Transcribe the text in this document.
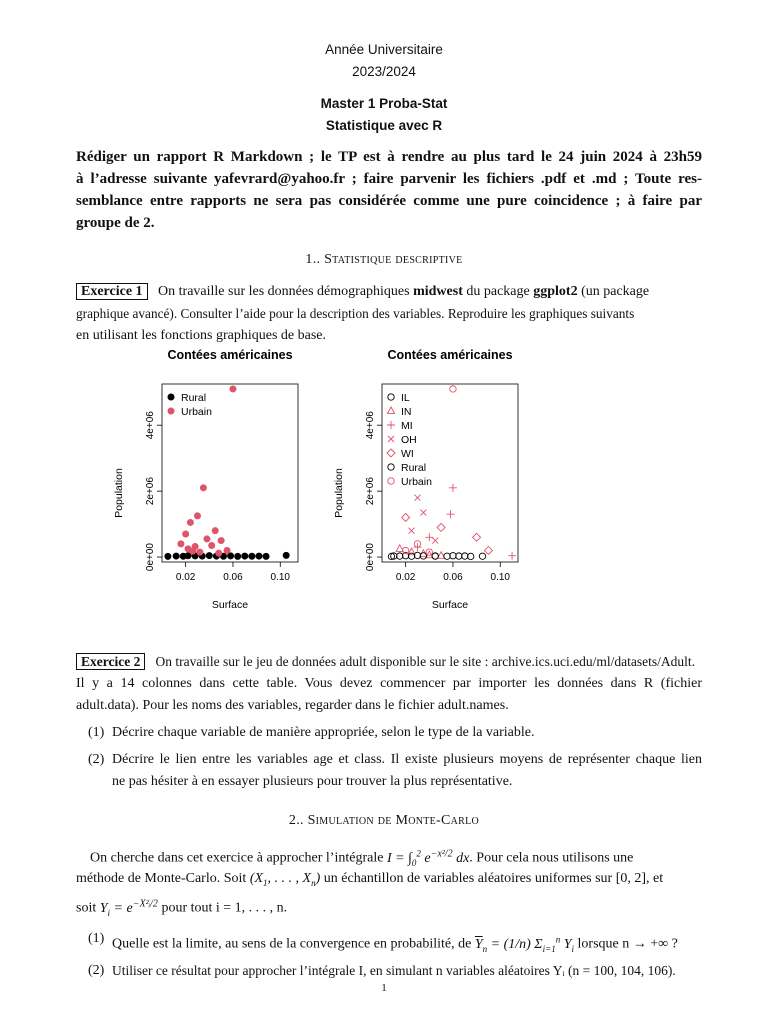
Année Universitaire
2023/2024
Master 1 Proba-Stat
Statistique avec R
Rédiger un rapport R Markdown ; le TP est à rendre au plus tard le 24 juin 2024 à 23h59
à l’adresse suivante yafevrard@yahoo.fr ; faire parvenir les fichiers .pdf et .md ; Toute res-
semblance entre rapports ne sera pas considérée comme une pure coincidence ; à faire par
groupe de 2.
1.. Statistique descriptive
Exercice 1 On travaille sur les données démographiques midwest du package ggplot2 (un package
graphique avancé). Consulter l’aide pour la description des variables. Reproduire les graphiques suivants
en utilisant les fonctions graphiques de base.
Contées américaines
0.02	0.06	0.10
0e+00
2e+06
4e+06
Surface
Population
Rural
Urbain
Contées américaines
0.02	0.06	0.10
0e+00
2e+06
4e+06
Surface
Population
IL
IN
MI
OH
WI
Rural
Urbain
Exercice 2 On travaille sur le jeu de données adult disponible sur le site : archive.ics.uci.edu/ml/datasets/Adult.
Il y a 14 colonnes dans cette table. Vous devez commencer par importer les données dans R (fichier
adult.data). Pour les noms des variables, regarder dans le fichier adult.names.
(1) Décrire chaque variable de manière appropriée, selon le type de la variable.
(2) Décrire le lien entre les variables age et class. Il existe plusieurs moyens de représenter chaque lien
ne pas hésiter à en essayer plusieurs pour trouver la plus représentative.
2.. Simulation de Monte-Carlo
On cherche dans cet exercice à approcher l’intégrale $I = \int_0^2$ $e^{-x^2/2}$ dx. Pour cela nous utilisons une
méthode de Monte-Carlo. Soit ($X_1$, . . . , $X_n$) un échantillon de variables aléatoires uniformes sur [0, 2], et
soit $Y_i = e^{-X^2ᵢ/2}$ pour tout i = 1, . . . , n.
(1) Quelle est la limite, au sens de la convergence en probabilité, de $\overline{Y}_n = (1/n)$ $\Sigma_{i=1}^n$ $Y_i$ lorsque n → +∞ ?
(2) Utiliser ce résultat pour approcher l’intégrale I, en simulant n variables aléatoires Yᵢ (n = 100, 104, 106).
1
